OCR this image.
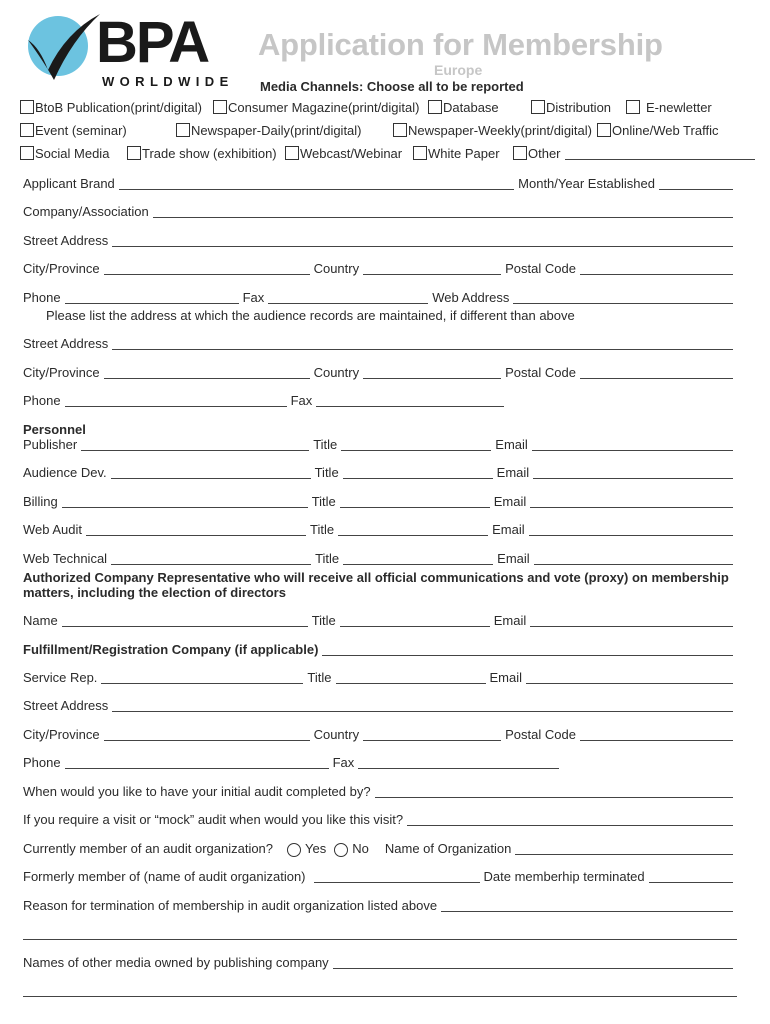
BPA
WORLDWIDE
Application for Membership
Europe
Media Channels: Choose all to be reported
BtoB Publication(print/digital)	Consumer Magazine(print/digital)	Database	Distribution	E-newletter
Event (seminar)	Newspaper-Daily(print/digital)	Newspaper-Weekly(print/digital)	Online/Web Traffic
Social Media	Trade show (exhibition)	Webcast/Webinar	White Paper	Other
Applicant Brand	Month/Year Established
Company/Association
Street Address
City/Province	Country	Postal Code
Phone	Fax	Web Address
Please list the address at which the audience records are maintained, if different than above
Street Address
City/Province	Country	Postal Code
Phone	Fax
Personnel
Publisher	Title	Email
Audience Dev.	Title	Email
Billing	Title	Email
Web Audit	Title	Email
Web Technical	Title	Email
Authorized Company Representative who will receive all official communications and vote (proxy) on membership
matters, including the election of directors
Name	Title	Email
Fulfillment/Registration Company (if applicable)
Service Rep.	Title	Email
Street Address
City/Province	Country	Postal Code
Phone	Fax
When would you like to have your initial audit completed by?
If you require a visit or “mock” audit when would you like this visit?
Currently member of an audit organization? Yes No Name of Organization
Formerly member of (name of audit organization)	Date memberhip terminated
Reason for termination of membership in audit organization listed above
Names of other media owned by publishing company
